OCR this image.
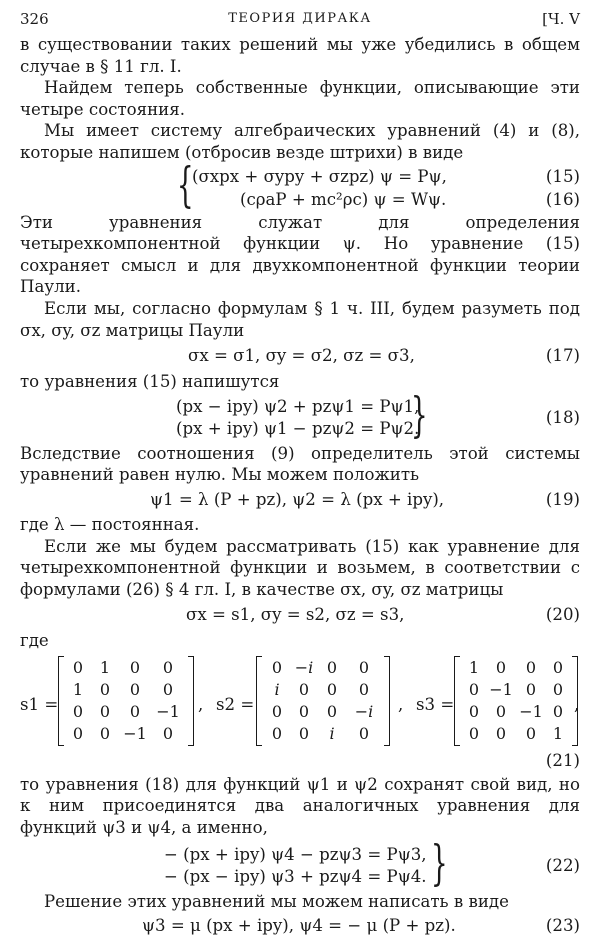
326	ТЕОРИЯ ДИРАКА	[Ч. V

в существовании таких решений мы уже убедились в общем случае в § 11 гл. I.

Найдем теперь собственные функции, описывающие эти четыре состояния.

Мы имеет систему алгебраических уравнений (4) и (8), которые напишем (отбросив везде штрихи) в виде

{
(σxpx + σypy + σzpz) ψ = Pψ,	(15)
(cρaP + mc²ρc) ψ = Wψ.	(16)

Эти уравнения служат для определения четырехкомпонентной функции ψ. Но уравнение (15) сохраняет смысл и для двухкомпонентной функции теории Паули.

Если мы, согласно формулам § 1 ч. III, будем разуметь под σx, σy, σz матрицы Паули

σx = σ1, σy = σ2, σz = σ3,	(17)

то уравнения (15) напишутся

(px − ipy) ψ2 + pzψ1 = Pψ1,
(px + ipy) ψ1 − pzψ2 = Pψ2.
}	(18)

Вследствие соотношения (9) определитель этой системы уравнений равен нулю. Мы можем положить

ψ1 = λ (P + pz), ψ2 = λ (px + ipy),	(19)

где λ — постоянная.

Если же мы будем рассматривать (15) как уравнение для четырехкомпонентной функции и возьмем, в соответствии с формулами (26) § 4 гл. I, в качестве σx, σy, σz матрицы

σx = s1, σy = s2, σz = s3,	(20)

где

s1 =
0	1	0	0
1	0	0	0
0	0	0	−1
0	0	−1	0
, s2 =
0	−i	0	0
i	0	0	0
0	0	0	−i
0	0	i	0
, s3 =
1	0	0	0
0	−1	0	0
0	0	−1	0
0	0	0	1
,
(21)

то уравнения (18) для функций ψ1 и ψ2 сохранят свой вид, но к ним присоединятся два аналогичных уравнения для функций ψ3 и ψ4, а именно,

− (px + ipy) ψ4 − pzψ3 = Pψ3,
− (px − ipy) ψ3 + pzψ4 = Pψ4. }	(22)

Решение этих уравнений мы можем написать в виде

ψ3 = μ (px + ipy), ψ4 = − μ (P + pz).	(23)
